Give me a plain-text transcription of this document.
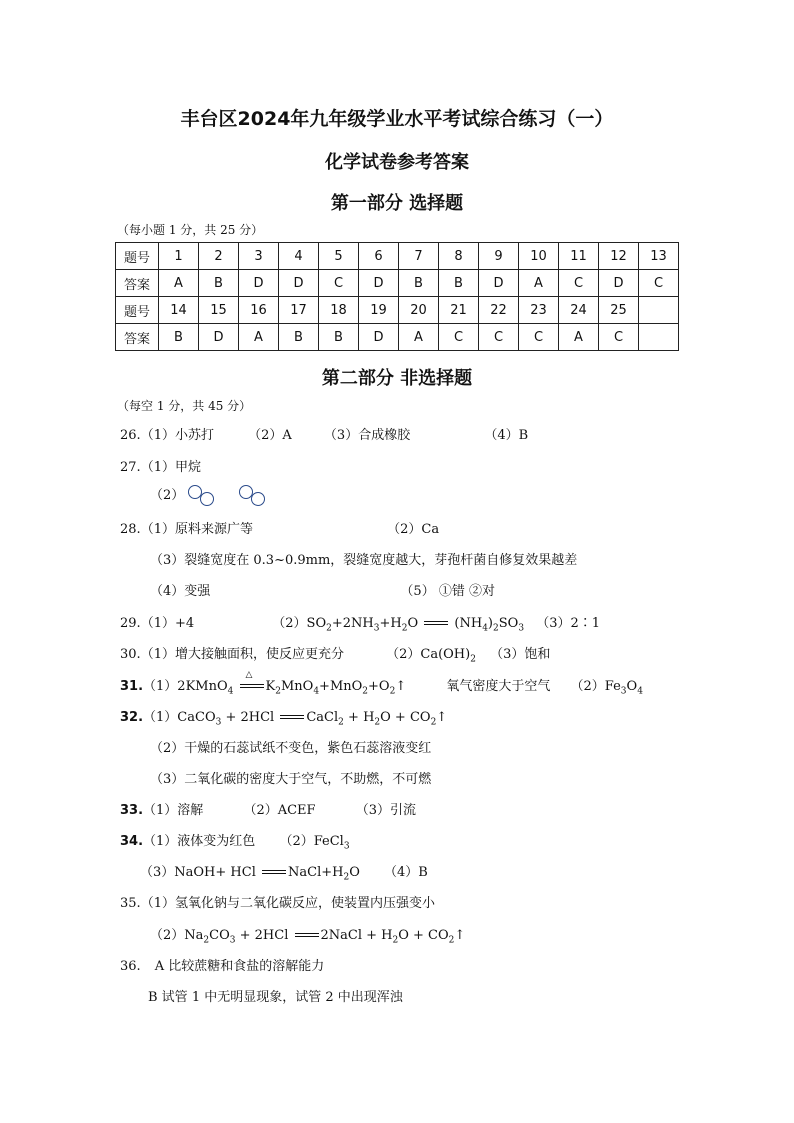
丰台区2024年九年级学业水平考试综合练习（一）
化学试卷参考答案
第一部分 选择题
（每小题 1 分，共 25 分）
题号	1	2	3	4	5	6	7	8	9	10	11	12	13
答案	A	B	D	D	C	D	B	B	D	A	C	D	C
题号	14	15	16	17	18	19	20	21	22	23	24	25	
答案	B	D	A	B	B	D	A	C	C	C	A	C	
第二部分 非选择题
（每空 1 分，共 45 分）
26.（1）小苏打	（2）A （3）合成橡胶	（4）B
27.（1）甲烷
（2）

28.（1）原料来源广等	（2）Ca
（3）裂缝宽度在 0.3~0.9mm，裂缝宽度越大，芽孢杆菌自修复效果越差
（4）变强	（5） ①错 ②对
29.（1）+4	$(2)SO_2+2NH_3+H_2O$	$(NH_4)_2SO_3$ （3）2∶1
30.（1）增大接触面积，使反应更充分	$(2)Ca(OH)_2$ （3）饱和
31.（1）2KMnO$_4$
△
$K_2MnO_4+MnO_2+O_2↑$	氧气密度大于空气 $(2)Fe_3O_4$
32.（1）CaCO$_3$ + 2HCl CaCl$_2$ + $H_2O$ + $CO_2↑$
（2）干燥的石蕊试纸不变色，紫色石蕊溶液变红
（3）二氧化碳的密度大于空气，不助燃，不可燃
33.（1）溶解	（2）ACEF	（3）引流
34.（1）液体变为红色 （2）FeCl$_3$
（3）NaOH+ HCl $NaCl+H_2O$ （4）B
35.（1）氢氧化钠与二氧化碳反应，使装置内压强变小
$(2)Na_2CO_3 + 2HCl$ 2NaCl + $H_2O$ + $CO_2↑$
36. A 比较蔗糖和食盐的溶解能力
B 试管 1 中无明显现象，试管 2 中出现浑浊
